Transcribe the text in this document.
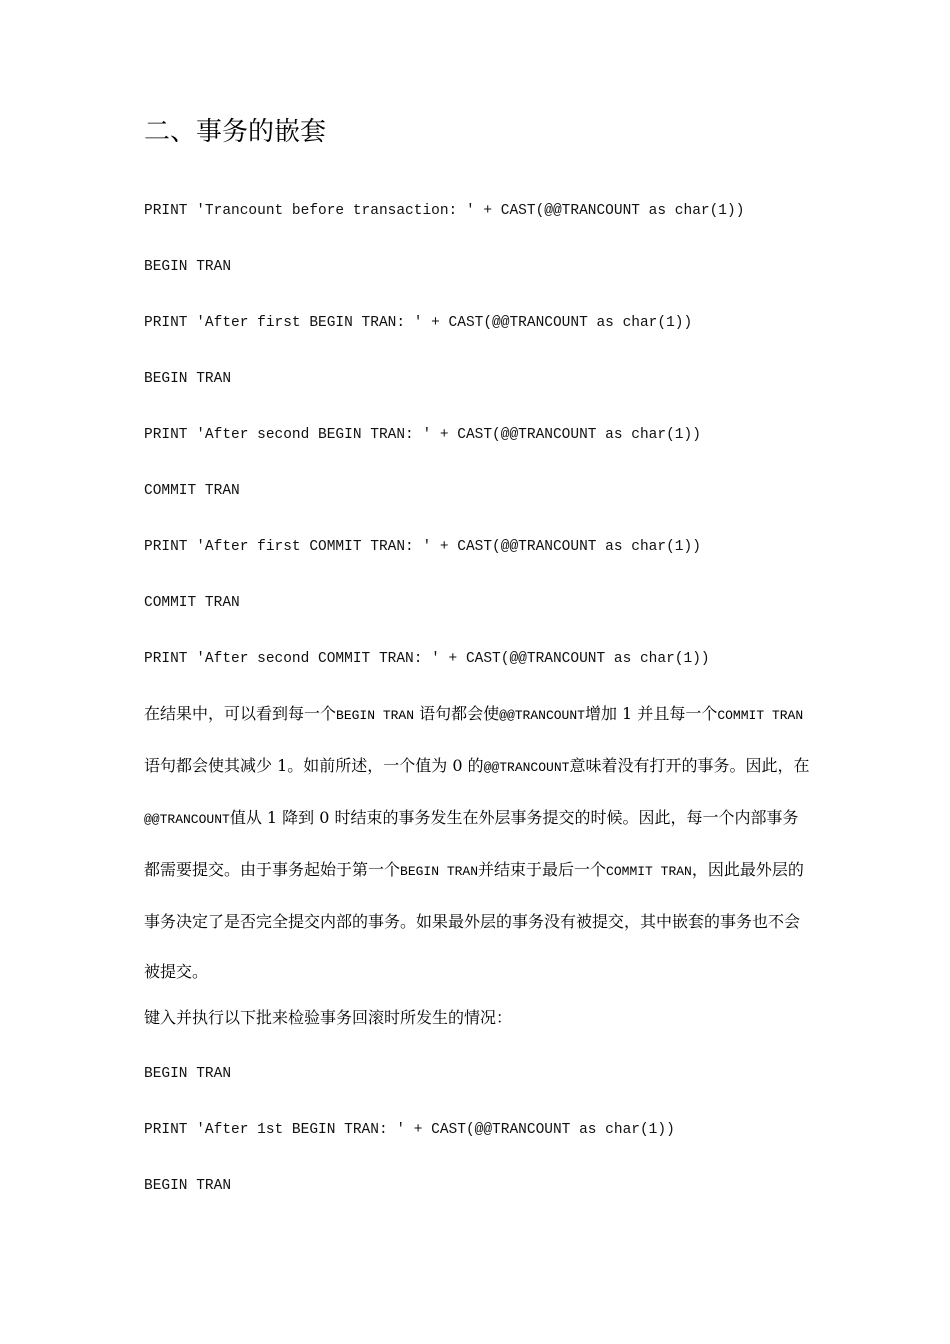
二、事务的嵌套
PRINT 'Trancount before transaction: ' + CAST(@@TRANCOUNT as char(1))
BEGIN TRAN
PRINT 'After first BEGIN TRAN: ' + CAST(@@TRANCOUNT as char(1))
BEGIN TRAN
PRINT 'After second BEGIN TRAN: ' + CAST(@@TRANCOUNT as char(1))
COMMIT TRAN
PRINT 'After first COMMIT TRAN: ' + CAST(@@TRANCOUNT as char(1))
COMMIT TRAN
PRINT 'After second COMMIT TRAN: ' + CAST(@@TRANCOUNT as char(1))
在结果中，可以看到每一个BEGIN TRAN 语句都会使@@TRANCOUNT增加 1 并且每一个COMMIT TRAN语句都会使其减少 1。如前所述，一个值为 0 的@@TRANCOUNT意味着没有打开的事务。因此，在@@TRANCOUNT值从 1 降到 0 时结束的事务发生在外层事务提交的时候。因此，每一个内部事务都需要提交。由于事务起始于第一个BEGIN TRAN并结束于最后一个COMMIT TRAN，因此最外层的事务决定了是否完全提交内部的事务。如果最外层的事务没有被提交，其中嵌套的事务也不会被提交。
键入并执行以下批来检验事务回滚时所发生的情况：
BEGIN TRAN
PRINT 'After 1st BEGIN TRAN: ' + CAST(@@TRANCOUNT as char(1))
BEGIN TRAN
